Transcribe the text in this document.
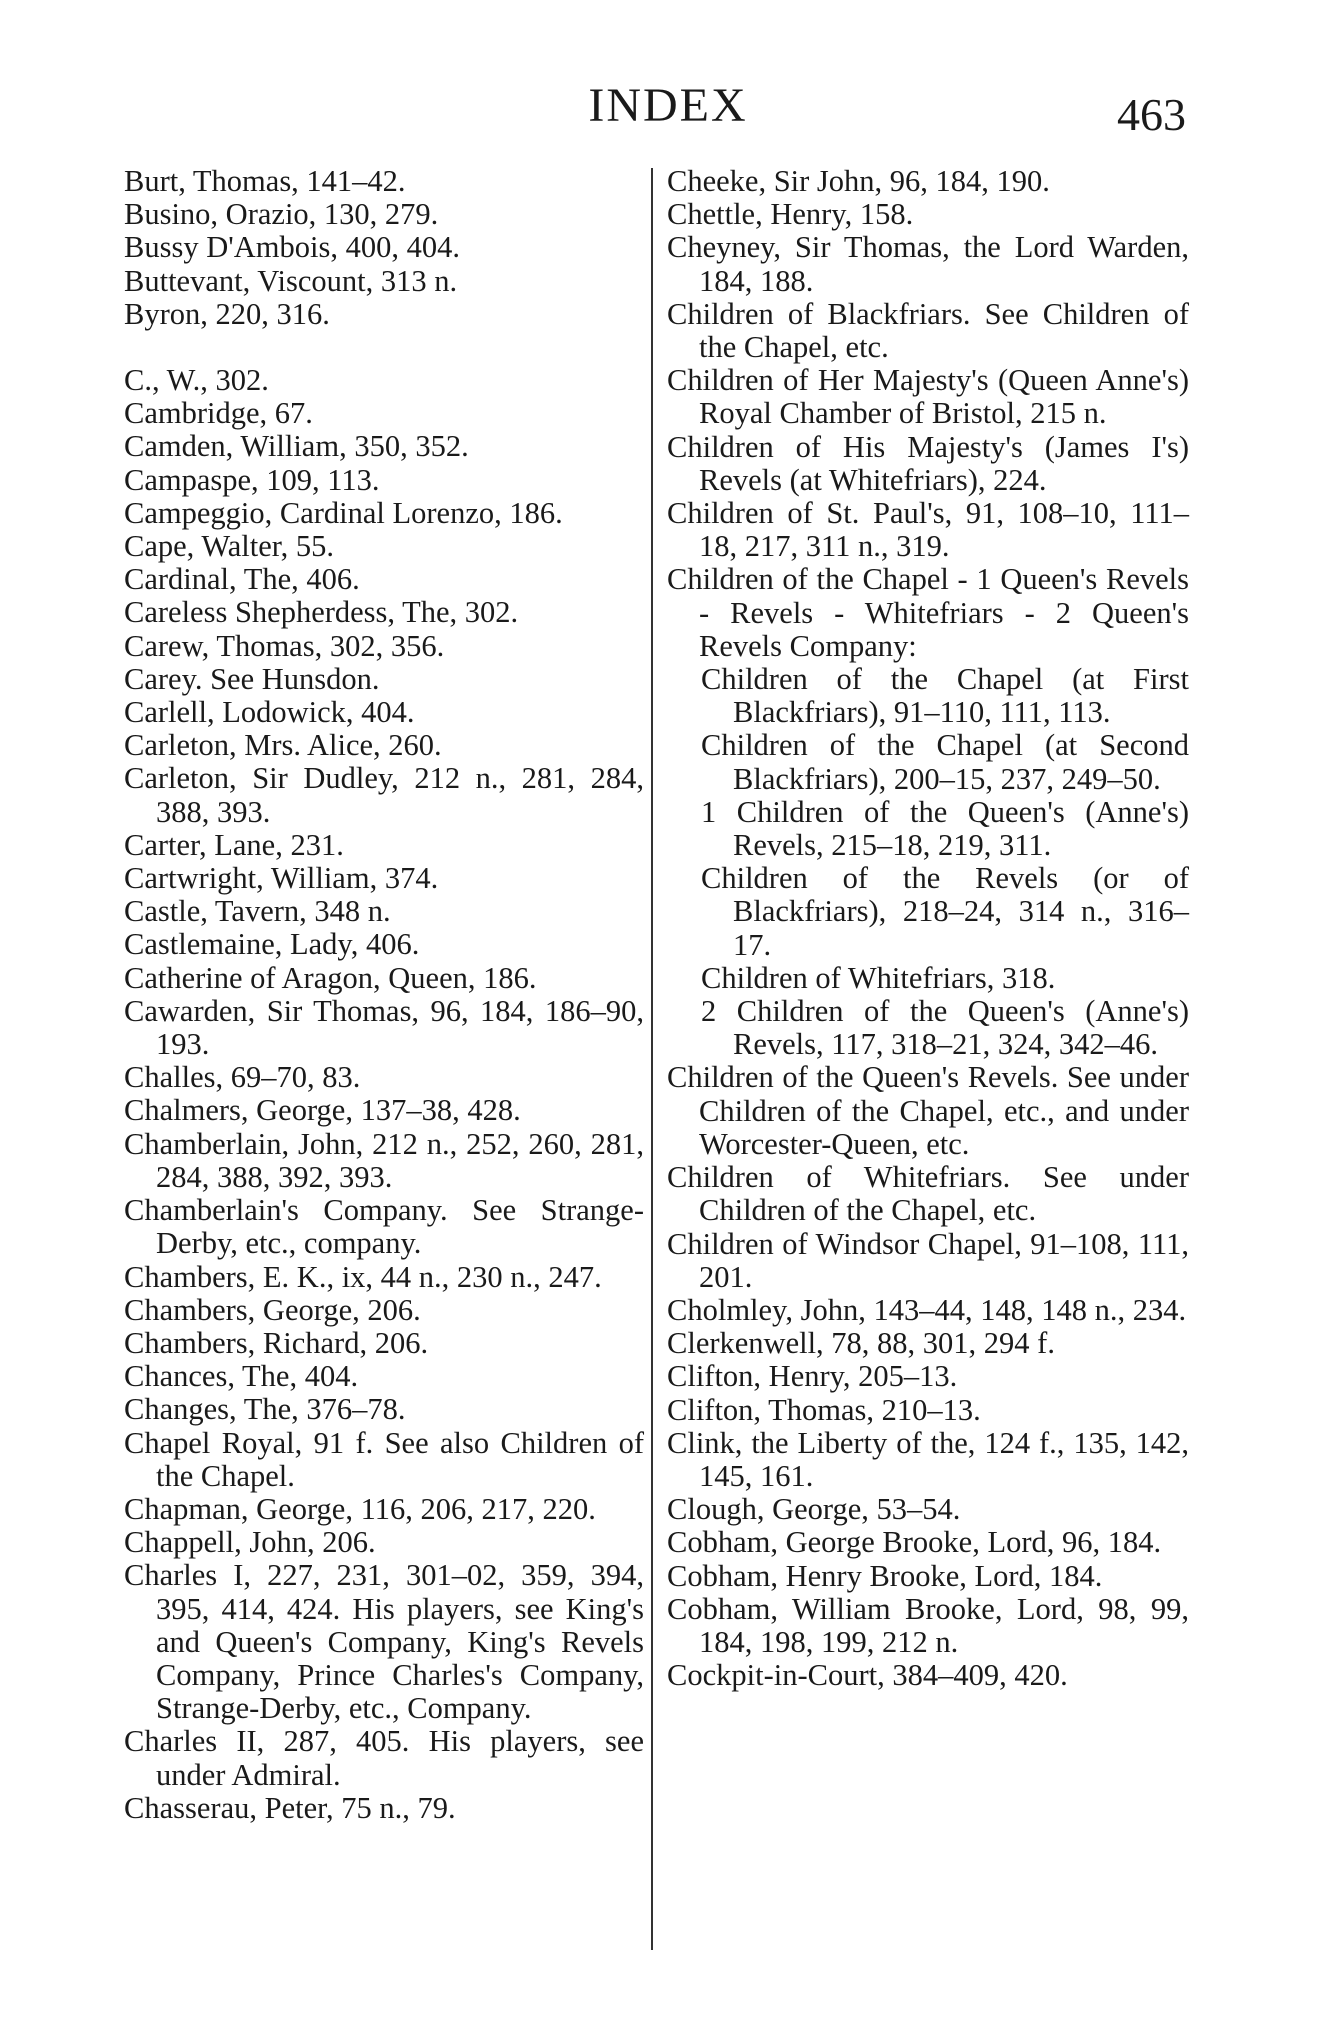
INDEX	463
Burt, Thomas, 141–42.
Busino, Orazio, 130, 279.
Bussy D'Ambois, 400, 404.
Buttevant, Viscount, 313 n.
Byron, 220, 316.
C., W., 302.
Cambridge, 67.
Camden, William, 350, 352.
Campaspe, 109, 113.
Campeggio, Cardinal Lorenzo, 186.
Cape, Walter, 55.
Cardinal, The, 406.
Careless Shepherdess, The, 302.
Carew, Thomas, 302, 356.
Carey. See Hunsdon.
Carlell, Lodowick, 404.
Carleton, Mrs. Alice, 260.
Carleton, Sir Dudley, 212 n., 281, 284, 388, 393.
Carter, Lane, 231.
Cartwright, William, 374.
Castle, Tavern, 348 n.
Castlemaine, Lady, 406.
Catherine of Aragon, Queen, 186.
Cawarden, Sir Thomas, 96, 184, 186–90, 193.
Challes, 69–70, 83.
Chalmers, George, 137–38, 428.
Chamberlain, John, 212 n., 252, 260, 281, 284, 388, 392, 393.
Chamberlain's Company. See Strange-Derby, etc., company.
Chambers, E. K., ix, 44 n., 230 n., 247.
Chambers, George, 206.
Chambers, Richard, 206.
Chances, The, 404.
Changes, The, 376–78.
Chapel Royal, 91 f. See also Children of the Chapel.
Chapman, George, 116, 206, 217, 220.
Chappell, John, 206.
Charles I, 227, 231, 301–02, 359, 394, 395, 414, 424. His players, see King's and Queen's Company, King's Revels Company, Prince Charles's Company, Strange-Derby, etc., Company.
Charles II, 287, 405. His players, see under Admiral.
Chasserau, Peter, 75 n., 79.
Cheeke, Sir John, 96, 184, 190.
Chettle, Henry, 158.
Cheyney, Sir Thomas, the Lord Warden, 184, 188.
Children of Blackfriars. See Children of the Chapel, etc.
Children of Her Majesty's (Queen Anne's) Royal Chamber of Bristol, 215 n.
Children of His Majesty's (James I's) Revels (at Whitefriars), 224.
Children of St. Paul's, 91, 108–10, 111–18, 217, 311 n., 319.
Children of the Chapel - 1 Queen's Revels - Revels - Whitefriars - 2 Queen's Revels Company:
Children of the Chapel (at First Blackfriars), 91–110, 111, 113.
Children of the Chapel (at Second Blackfriars), 200–15, 237, 249–50.
1 Children of the Queen's (Anne's) Revels, 215–18, 219, 311.
Children of the Revels (or of Blackfriars), 218–24, 314 n., 316–17.
Children of Whitefriars, 318.
2 Children of the Queen's (Anne's) Revels, 117, 318–21, 324, 342–46.
Children of the Queen's Revels. See under Children of the Chapel, etc., and under Worcester-Queen, etc.
Children of Whitefriars. See under Children of the Chapel, etc.
Children of Windsor Chapel, 91–108, 111, 201.
Cholmley, John, 143–44, 148, 148 n., 234.
Clerkenwell, 78, 88, 301, 294 f.
Clifton, Henry, 205–13.
Clifton, Thomas, 210–13.
Clink, the Liberty of the, 124 f., 135, 142, 145, 161.
Clough, George, 53–54.
Cobham, George Brooke, Lord, 96, 184.
Cobham, Henry Brooke, Lord, 184.
Cobham, William Brooke, Lord, 98, 99, 184, 198, 199, 212 n.
Cockpit-in-Court, 384–409, 420.
